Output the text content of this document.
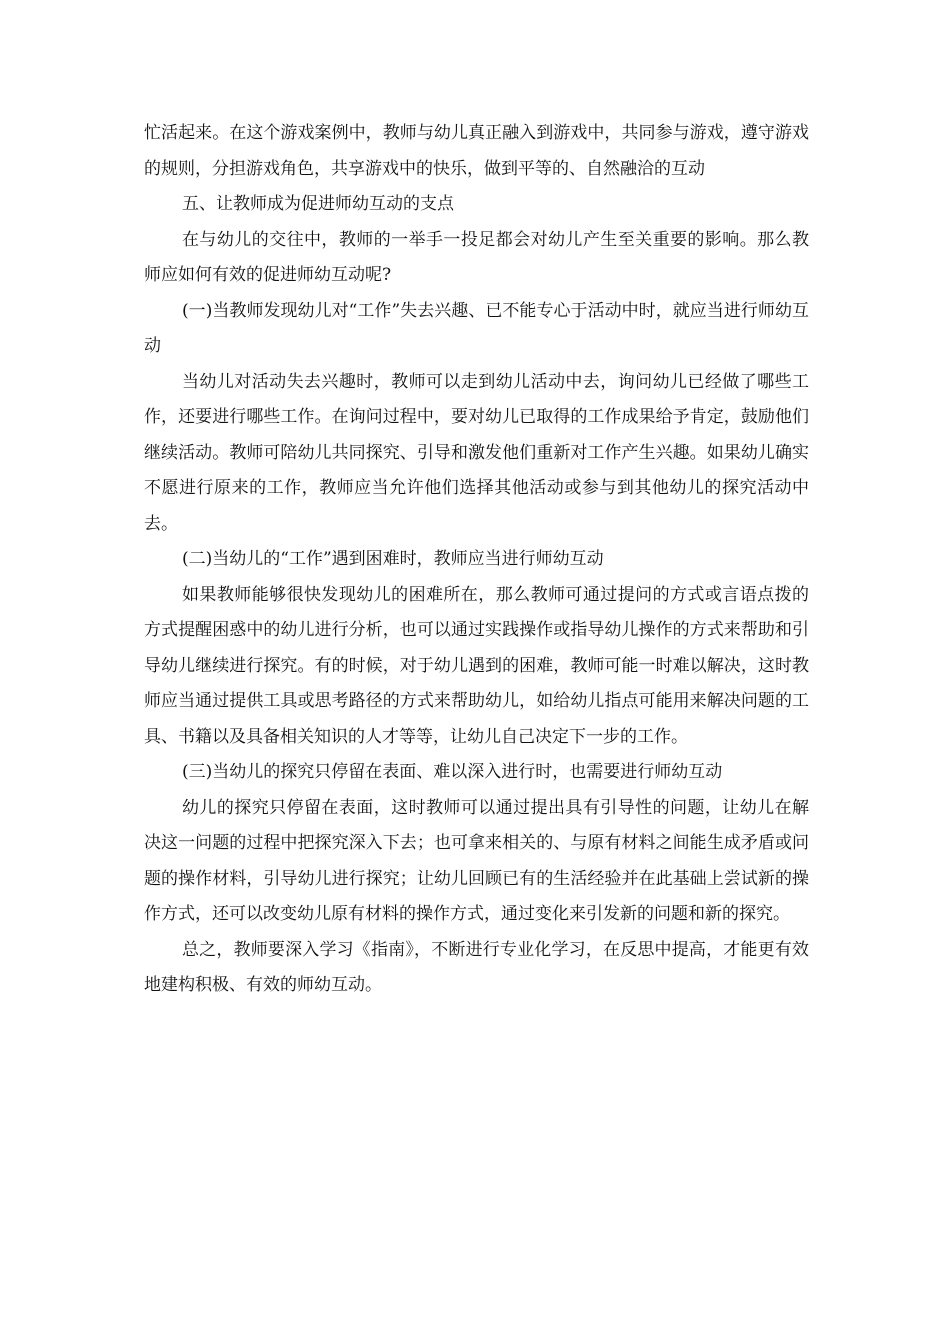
忙活起来。在这个游戏案例中，教师与幼儿真正融入到游戏中，共同参与游戏，遵守游戏的规则，分担游戏角色，共享游戏中的快乐，做到平等的、自然融洽的互动

五、让教师成为促进师幼互动的支点

在与幼儿的交往中，教师的一举手一投足都会对幼儿产生至关重要的影响。那么教师应如何有效的促进师幼互动呢?

(一)当教师发现幼儿对“工作”失去兴趣、已不能专心于活动中时，就应当进行师幼互动

当幼儿对活动失去兴趣时，教师可以走到幼儿活动中去，询问幼儿已经做了哪些工作，还要进行哪些工作。在询问过程中，要对幼儿已取得的工作成果给予肯定，鼓励他们继续活动。教师可陪幼儿共同探究、引导和激发他们重新对工作产生兴趣。如果幼儿确实不愿进行原来的工作，教师应当允许他们选择其他活动或参与到其他幼儿的探究活动中去。

(二)当幼儿的“工作”遇到困难时，教师应当进行师幼互动

如果教师能够很快发现幼儿的困难所在，那么教师可通过提问的方式或言语点拨的方式提醒困惑中的幼儿进行分析，也可以通过实践操作或指导幼儿操作的方式来帮助和引导幼儿继续进行探究。有的时候，对于幼儿遇到的困难，教师可能一时难以解决，这时教师应当通过提供工具或思考路径的方式来帮助幼儿，如给幼儿指点可能用来解决问题的工具、书籍以及具备相关知识的人才等等，让幼儿自己决定下一步的工作。

(三)当幼儿的探究只停留在表面、难以深入进行时，也需要进行师幼互动

幼儿的探究只停留在表面，这时教师可以通过提出具有引导性的问题，让幼儿在解决这一问题的过程中把探究深入下去；也可拿来相关的、与原有材料之间能生成矛盾或问题的操作材料，引导幼儿进行探究；让幼儿回顾已有的生活经验并在此基础上尝试新的操作方式，还可以改变幼儿原有材料的操作方式，通过变化来引发新的问题和新的探究。

总之，教师要深入学习《指南》，不断进行专业化学习，在反思中提高，才能更有效地建构积极、有效的师幼互动。
